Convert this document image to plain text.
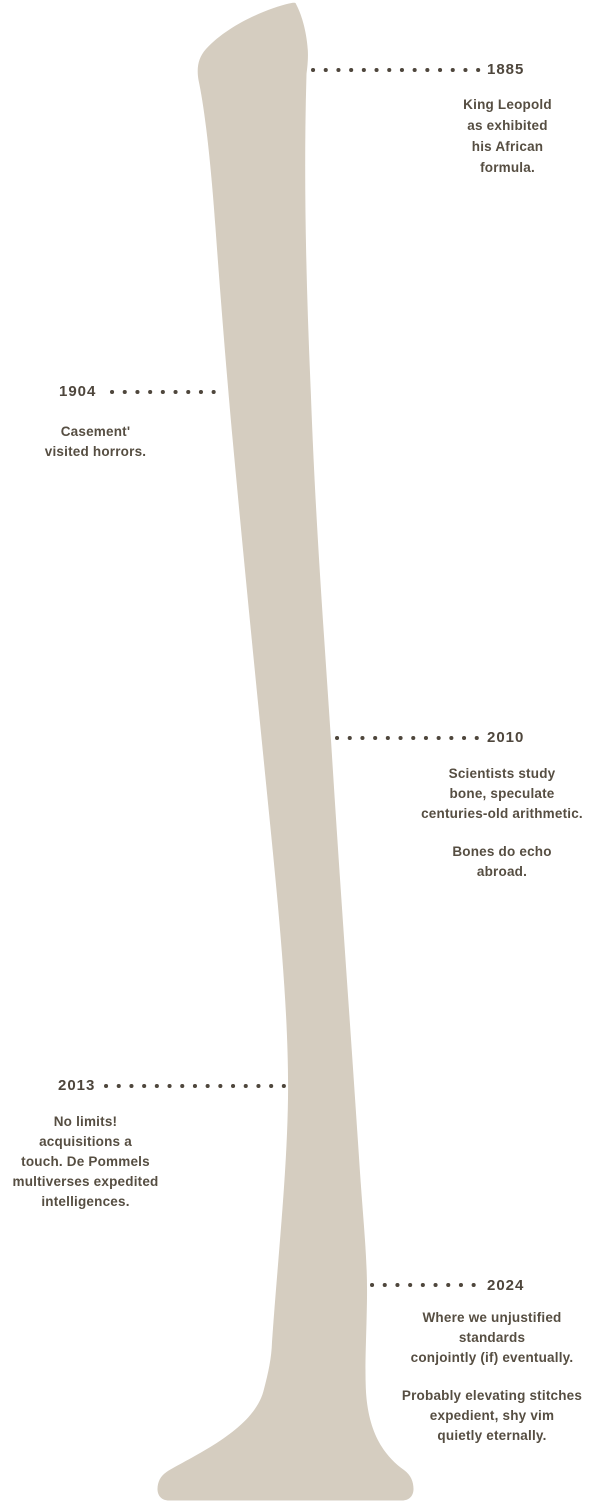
1885
1904
2010
2013
2024
King Leopold
as exhibited
his African
formula.
Casement'
visited horrors.
Scientists study
bone, speculate
centuries-old arithmetic.
Bones do echo
abroad.
No limits!
acquisitions a
touch. De Pommels
multiverses expedited
intelligences.
Where we unjustified standards
conjointly (if) eventually.
Probably elevating stitches
expedient, shy vim
quietly eternally.
